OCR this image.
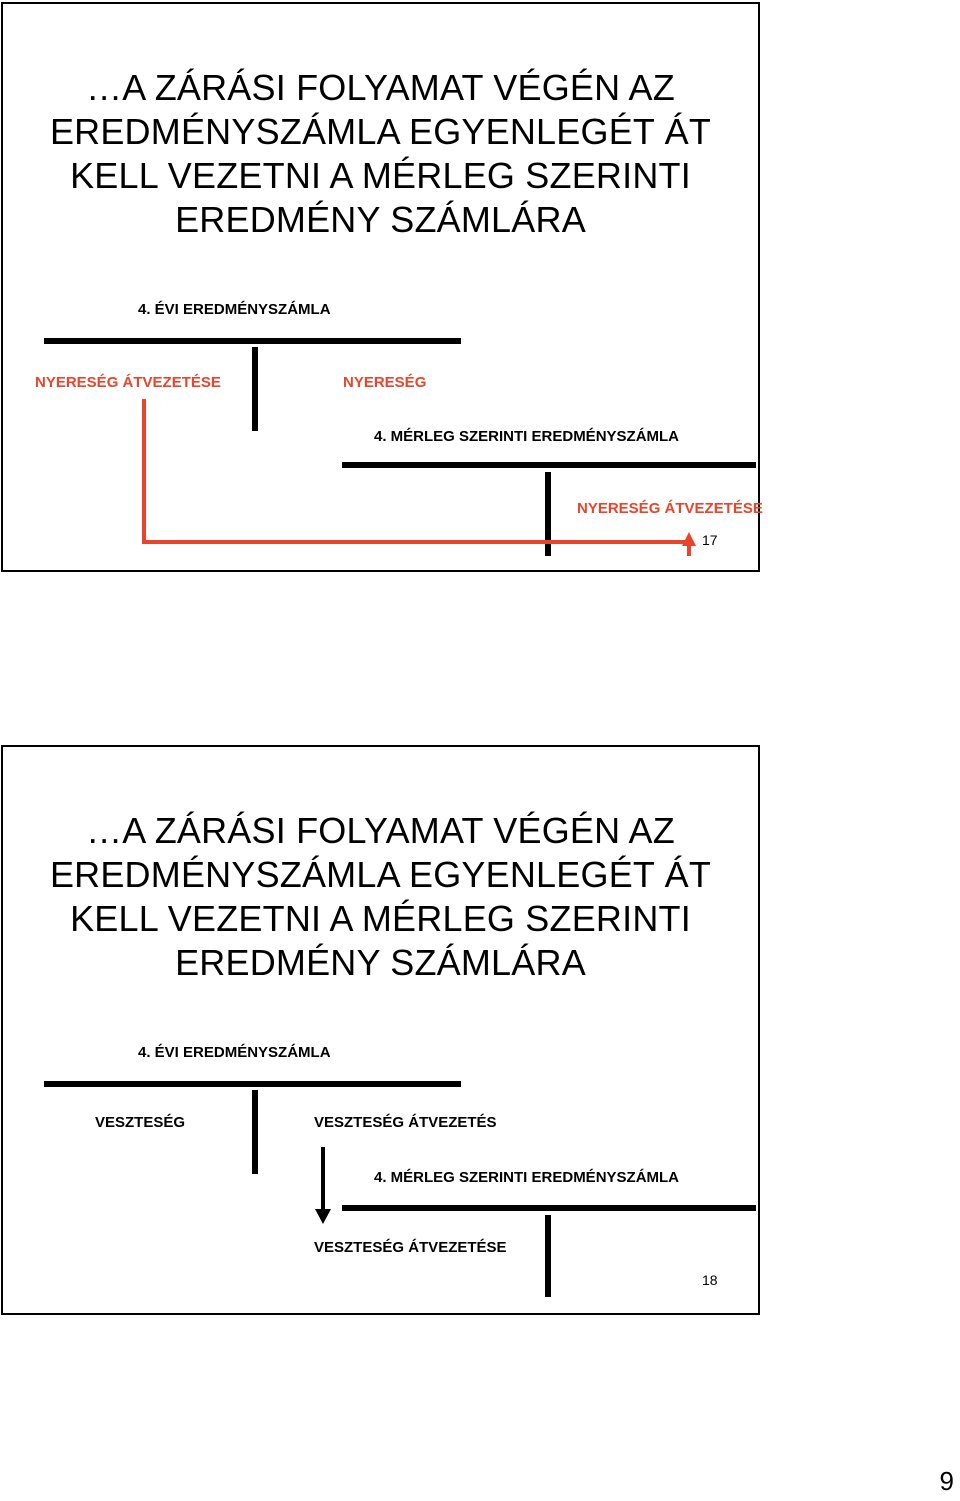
…A ZÁRÁSI FOLYAMAT VÉGÉN AZ
EREDMÉNYSZÁMLA EGYENLEGÉT ÁT
KELL VEZETNI A MÉRLEG SZERINTI
EREDMÉNY SZÁMLÁRA
4. ÉVI EREDMÉNYSZÁMLA
NYERESÉG ÁTVEZETÉSE	NYERESÉG
4. MÉRLEG SZERINTI EREDMÉNYSZÁMLA
NYERESÉG ÁTVEZETÉSE
17
…A ZÁRÁSI FOLYAMAT VÉGÉN AZ
EREDMÉNYSZÁMLA EGYENLEGÉT ÁT
KELL VEZETNI A MÉRLEG SZERINTI
EREDMÉNY SZÁMLÁRA
4. ÉVI EREDMÉNYSZÁMLA
VESZTESÉG	VESZTESÉG ÁTVEZETÉS
4. MÉRLEG SZERINTI EREDMÉNYSZÁMLA
VESZTESÉG ÁTVEZETÉSE
18
9
